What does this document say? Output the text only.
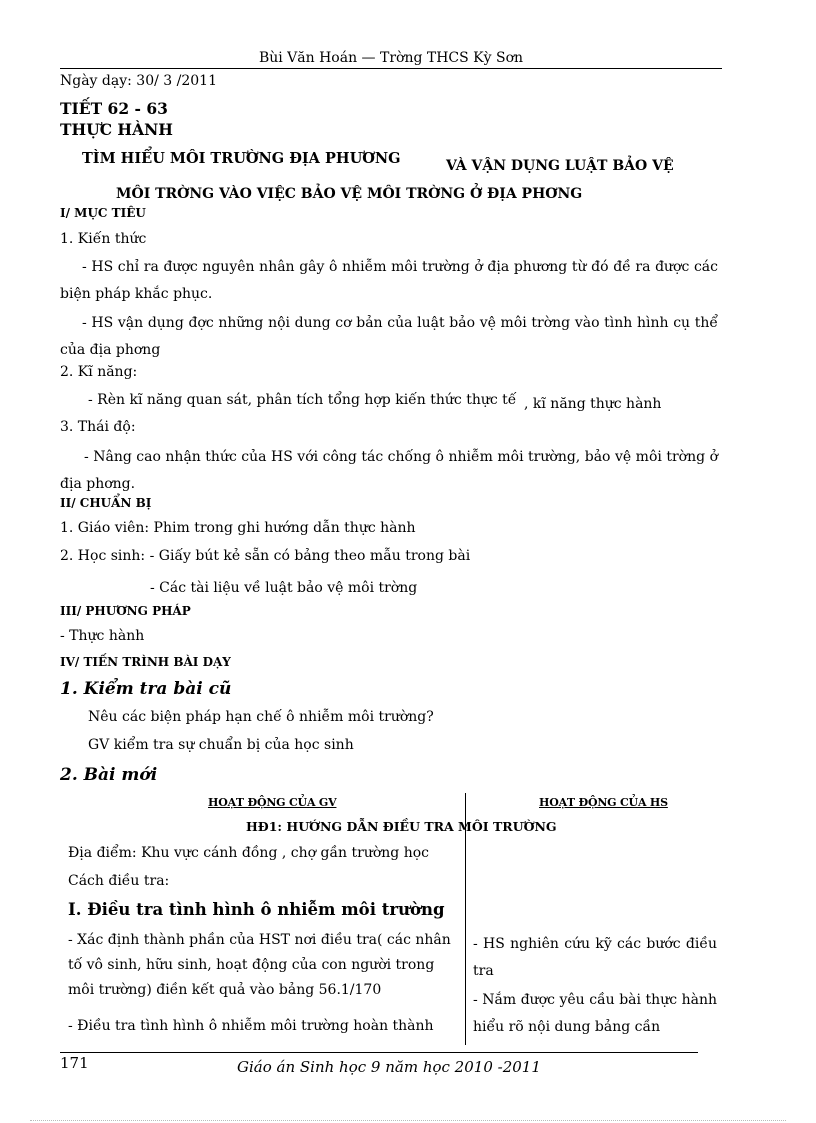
Bùi Văn Hoán — Trờng THCS Kỳ Sơn
Ngày dạy: 30/ 3 /2011
TIẾT 62 - 63
THỰC HÀNH
TÌM HIỂU MÔI TRƯỜNG ĐỊA PHƯƠNG	VÀ VẬN DỤNG LUẬT BẢO VỆ
MÔI TRỜNG VÀO VIỆC BẢO VỆ MÔI TRỜNG Ở ĐỊA PHƠNG
I/ MỤC TIÊU
1. Kiến thức
- HS chỉ ra được nguyên nhân gây ô nhiễm môi trường ở địa phương từ đó đề ra được các biện pháp khắc phục.
- HS vận dụng đợc những nội dung cơ bản của luật bảo vệ môi trờng vào tình hình cụ thể của địa phơng
2. Kĩ năng:
- Rèn kĩ năng quan sát, phân tích tổng hợp kiến thức thực tế , kĩ năng thực hành
3. Thái độ:
- Nâng cao nhận thức của HS với công tác chống ô nhiễm môi trường, bảo vệ môi trờng ở địa phơng.
II/ CHUẨN BỊ
1. Giáo viên: Phim trong ghi hướng dẫn thực hành
2. Học sinh: - Giấy bút kẻ sẵn có bảng theo mẫu trong bài
- Các tài liệu về luật bảo vệ môi trờng
III/ PHƯƠNG PHÁP
- Thực hành
IV/ TIẾN TRÌNH BÀI DẠY
1. Kiểm tra bài cũ
Nêu các biện pháp hạn chế ô nhiễm môi trường?
GV kiểm tra sự chuẩn bị của học sinh
2. Bài mới
HOẠT ĐỘNG CỦA GV	HOẠT ĐỘNG CỦA HS
HĐ1: HƯỚNG DẪN ĐIỀU TRA MÔI TRƯỜNG
Địa điểm: Khu vực cánh đồng , chợ gần trường học
Cách điều tra:
I. Điều tra tình hình ô nhiễm môi trường
- Xác định thành phần của HST nơi điều tra( các nhân tố vô sinh, hữu sinh, hoạt động của con người trong môi trường) điền kết quả vào bảng 56.1/170
- Điều tra tình hình ô nhiễm môi trường hoàn thành
- HS nghiên cứu kỹ các bước điều tra
- Nắm được yêu cầu bài thực hành hiểu rõ nội dung bảng cần
171	Giáo án Sinh học 9 năm học 2010 -2011
